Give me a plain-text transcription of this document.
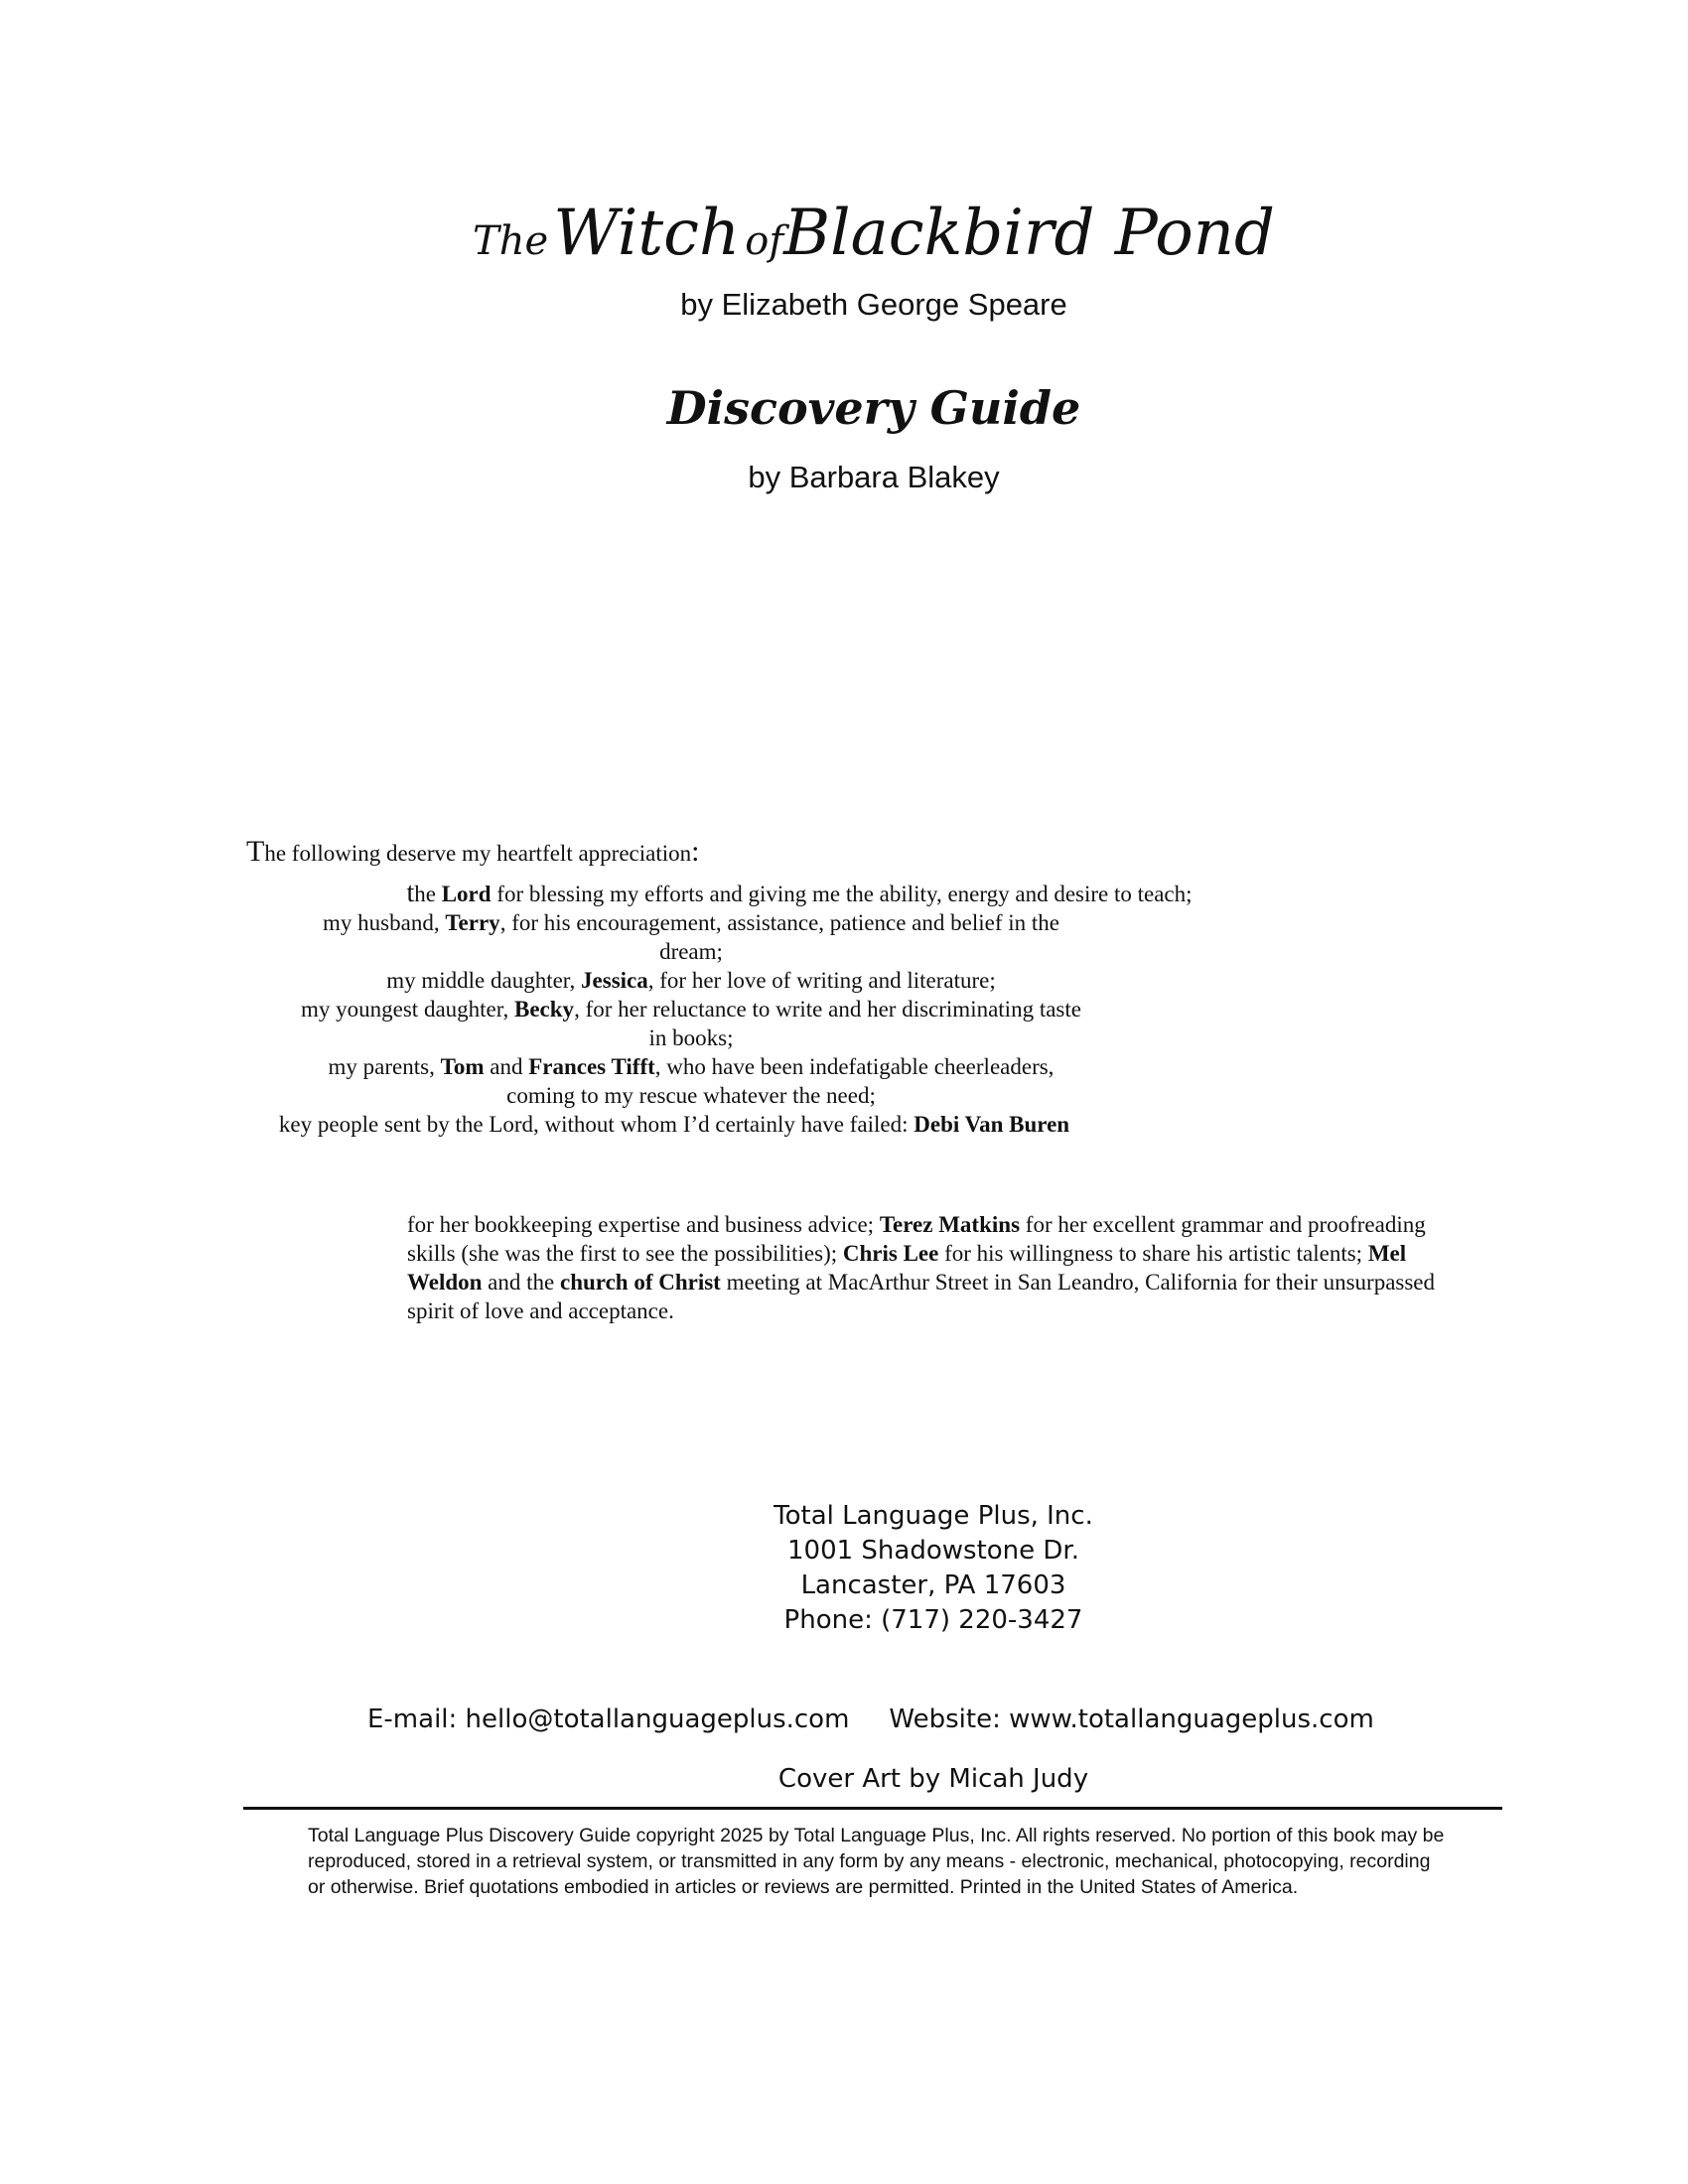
The Witch ofBlackbird Pond
by Elizabeth George Speare
Discovery Guide
by Barbara Blakey
The following deserve my heartfelt appreciation:
the Lord for blessing my efforts and giving me the ability, energy and desire to teach;
my husband, Terry, for his encouragement, assistance, patience and belief in the
dream;
my middle daughter, Jessica, for her love of writing and literature;
my youngest daughter, Becky, for her reluctance to write and her discriminating taste
in books;
my parents, Tom and Frances Tifft, who have been indefatigable cheerleaders,
coming to my rescue whatever the need;
key people sent by the Lord, without whom I’d certainly have failed: Debi Van Buren
for her bookkeeping expertise and business advice; Terez Matkins for her excellent grammar and proofreading skills (she was the first to see the possibilities); Chris Lee for his willingness to share his artistic talents; Mel Weldon and the church of Christ meeting at MacArthur Street in San Leandro, California for their unsurpassed spirit of love and acceptance.
Total Language Plus, Inc.
1001 Shadowstone Dr.
Lancaster, PA 17603
Phone: (717) 220-3427
E-mail: hello@totallanguageplus.com Website: www.totallanguageplus.com
Cover Art by Micah Judy
Total Language Plus Discovery Guide copyright 2025 by Total Language Plus, Inc. All rights reserved. No portion of this book may be reproduced, stored in a retrieval system, or transmitted in any form by any means - electronic, mechanical, photocopying, recording or otherwise. Brief quotations embodied in articles or reviews are permitted. Printed in the United States of America.
